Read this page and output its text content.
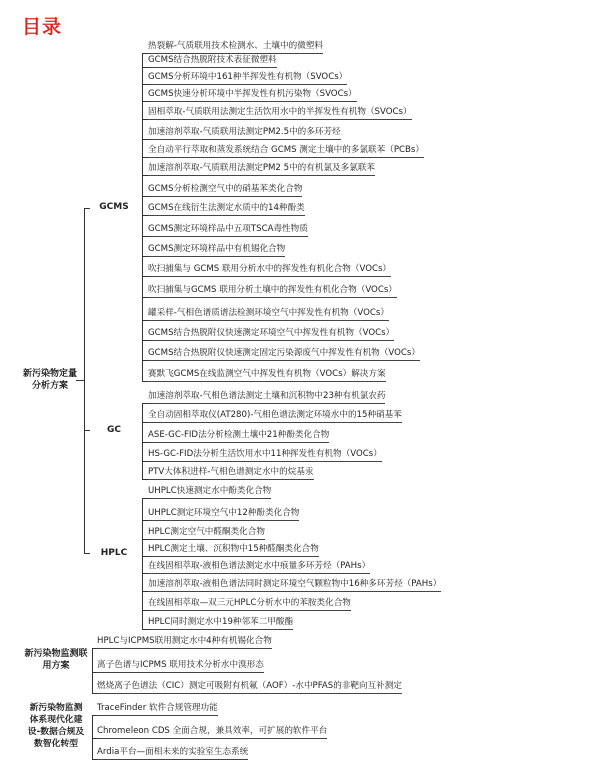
目录
新污染物定量分析方案
GCMS
GC
HPLC
新污染物监测联用方案
新污染物监测
体系现代化建
设-数据合规及
数智化转型
热裂解-气质联用技术检测水、土壤中的微塑料
GCMS结合热脱附技术表征微塑料
GCMS分析环境中161种半挥发性有机物（SVOCs）
GCMS快速分析环境中半挥发性有机污染物（SVOCs）
固相萃取-气质联用法测定生活饮用水中的半挥发性有机物（SVOCs）
加速溶剂萃取-气质联用法测定PM2.5中的多环芳烃
全自动平行萃取和蒸发系统结合 GCMS 测定土壤中的多氯联苯（PCBs）
加速溶剂萃取-气质联用法测定PM2 5中的有机氯及多氯联苯
GCMS分析检测空气中的硝基苯类化合物
GCMS在线衍生法测定水质中的14种酚类
GCMS测定环境样品中五项TSCA毒性物质
GCMS测定环境样品中有机锡化合物
吹扫捕集与 GCMS 联用分析水中的挥发性有机化合物（VOCs）
吹扫捕集与GCMS 联用分析土壤中的挥发性有机化合物（VOCs）
罐采样-气相色谱质谱法检测环境空气中挥发性有机物（VOCs）
GCMS结合热脱附仪快速测定环境空气中挥发性有机物（VOCs）
GCMS结合热脱附仪快速测定固定污染源废气中挥发性有机物（VOCs）
赛默飞GCMS在线监测空气中挥发性有机物（VOCs）解决方案
加速溶剂萃取-气相色谱法测定土壤和沉积物中23种有机氯农药
全自动固相萃取仪(AT280)-气相色谱法测定环境水中的15种硝基苯
ASE-GC-FID法分析检测土壤中21种酚类化合物
HS-GC-FID法分析生活饮用水中11种挥发性有机物（VOCs）
PTV大体积进样-气相色谱测定水中的烷基汞
UHPLC快速测定水中酚类化合物
UHPLC测定环境空气中12种酚类化合物
HPLC测定空气中醛酮类化合物
HPLC测定土壤、沉积物中15种醛酮类化合物
在线固相萃取-液相色谱法测定水中痕量多环芳烃（PAHs）
加速溶剂萃取-液相色谱法同时测定环境空气颗粒物中16种多环芳烃（PAHs）
在线固相萃取—双三元HPLC分析水中的苯胺类化合物
HPLC同时测定水中19种邻苯二甲酸酯
HPLC与ICPMS联用测定水中4种有机锡化合物
离子色谱与ICPMS 联用技术分析水中溴形态
燃烧离子色谱法（CIC）测定可吸附有机氟（AOF）-水中PFAS的非靶向互补测定
TraceFinder 软件合规管理功能
Chromeleon CDS 全面合规，兼具效率，可扩展的软件平台
Ardia平台—面相未来的实验室生态系统
